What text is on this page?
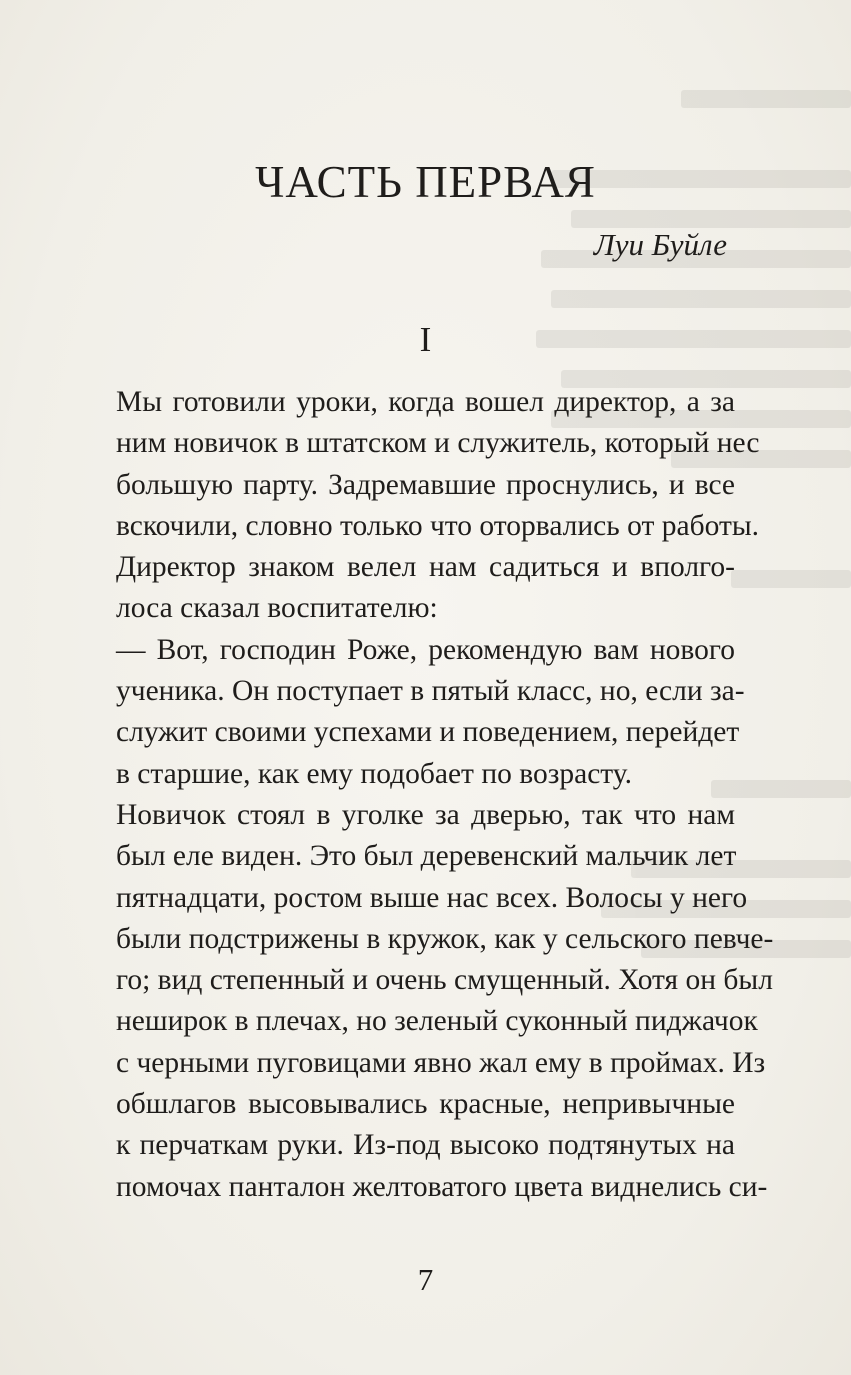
ЧАСТЬ ПЕРВАЯ
Луи Буйле
I

Мы готовили уроки, когда вошел директор, а за
ним новичок в штатском и служитель, который нес
большую парту. Задремавшие проснулись, и все
вскочили, словно только что оторвались от работы.

Директор знаком велел нам садиться и вполго-
лоса сказал воспитателю:

— Вот, господин Роже, рекомендую вам нового
ученика. Он поступает в пятый класс, но, если за-
служит своими успехами и поведением, перейдет
в старшие, как ему подобает по возрасту.

Новичок стоял в уголке за дверью, так что нам
был еле виден. Это был деревенский мальчик лет
пятнадцати, ростом выше нас всех. Волосы у него
были подстрижены в кружок, как у сельского певче-
го; вид степенный и очень смущенный. Хотя он был
неширок в плечах, но зеленый суконный пиджачок
с черными пуговицами явно жал ему в проймах. Из
обшлагов высовывались красные, непривычные
к перчаткам руки. Из-под высоко подтянутых на
помочах панталон желтоватого цвета виднелись си-

7
